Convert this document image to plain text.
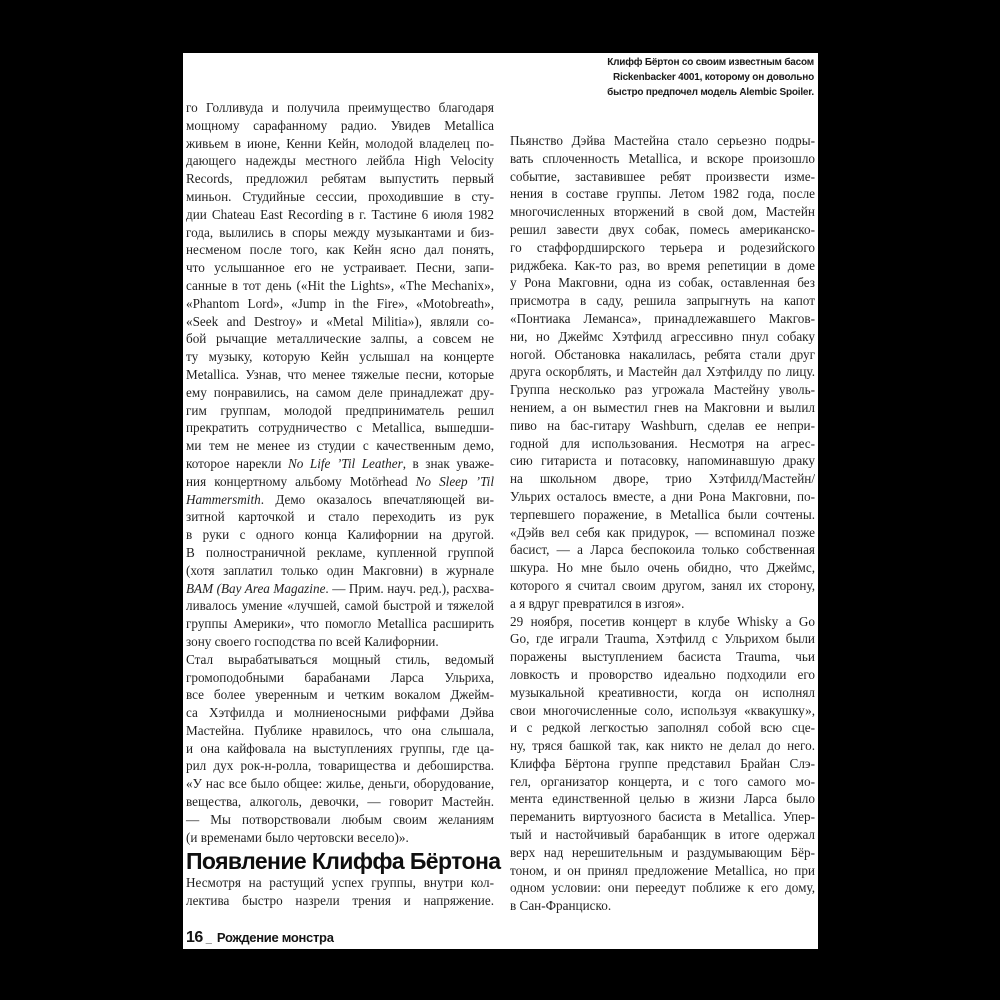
Клифф Бёртон со своим известным басом
Rickenbacker 4001, которому он довольно
быстро предпочел модель Alembic Spoiler.
го Голливуда и получила преимущество благодаря
мощному сарафанному радио. Увидев Metallica
живьем в июне, Кенни Кейн, молодой владелец по-
дающего надежды местного лейбла High Velocity
Records, предложил ребятам выпустить первый
миньон. Студийные сессии, проходившие в сту-
дии Chateau East Recording в г. Тастине 6 июля 1982
года, вылились в споры между музыкантами и биз-
несменом после того, как Кейн ясно дал понять,
что услышанное его не устраивает. Песни, запи-
санные в тот день («Hit the Lights», «The Mechanix»,
«Phantom Lord», «Jump in the Fire», «Motobreath»,
«Seek and Destroy» и «Metal Militia»), являли со-
бой рычащие металлические залпы, а совсем не
ту музыку, которую Кейн услышал на концерте
Metallica. Узнав, что менее тяжелые песни, которые
ему понравились, на самом деле принадлежат дру-
гим группам, молодой предприниматель решил
прекратить сотрудничество с Metallica, вышедши-
ми тем не менее из студии с качественным демо,
которое нарекли No Life ’Til Leather, в знак уваже-
ния концертному альбому Motörhead No Sleep ’Til
Hammersmith. Демо оказалось впечатляющей ви-
зитной карточкой и стало переходить из рук
в руки с одного конца Калифорнии на другой.
В полностраничной рекламе, купленной группой
(хотя заплатил только один Макговни) в журнале
BAM (Bay Area Magazine. — Прим. науч. ред.), расхва-
ливалось умение «лучшей, самой быстрой и тяжелой
группы Америки», что помогло Metallica расширить
зону своего господства по всей Калифорнии.
Стал вырабатываться мощный стиль, ведомый
громоподобными барабанами Ларса Ульриха,
все более уверенным и четким вокалом Джейм-
са Хэтфилда и молниеносными риффами Дэйва
Мастейна. Публике нравилось, что она слышала,
и она кайфовала на выступлениях группы, где ца-
рил дух рок-н-ролла, товарищества и дебоширства.
«У нас все было общее: жилье, деньги, оборудование,
вещества, алкоголь, девочки, — говорит Мастейн.
— Мы потворствовали любым своим желаниям
(и временами было чертовски весело)».
Появление Клиффа Бёртона
Несмотря на растущий успех группы, внутри кол-
лектива быстро назрели трения и напряжение.
Пьянство Дэйва Мастейна стало серьезно подры-
вать сплоченность Metallica, и вскоре произошло
событие, заставившее ребят произвести изме-
нения в составе группы. Летом 1982 года, после
многочисленных вторжений в свой дом, Мастейн
решил завести двух собак, помесь американско-
го стаффордширского терьера и родезийского
риджбека. Как-то раз, во время репетиции в доме
у Рона Макговни, одна из собак, оставленная без
присмотра в саду, решила запрыгнуть на капот
«Понтиака Леманса», принадлежавшего Макгов-
ни, но Джеймс Хэтфилд агрессивно пнул собаку
ногой. Обстановка накалилась, ребята стали друг
друга оскорблять, и Мастейн дал Хэтфилду по лицу.
Группа несколько раз угрожала Мастейну уволь-
нением, а он выместил гнев на Макговни и вылил
пиво на бас-гитару Washburn, сделав ее непри-
годной для использования. Несмотря на агрес-
сию гитариста и потасовку, напоминавшую драку
на школьном дворе, трио Хэтфилд/Мастейн/
Ульрих осталось вместе, а дни Рона Макговни, по-
терпевшего поражение, в Metallica были сочтены.
«Дэйв вел себя как придурок, — вспоминал позже
басист, — а Ларса беспокоила только собственная
шкура. Но мне было очень обидно, что Джеймс,
которого я считал своим другом, занял их сторону,
а я вдруг превратился в изгоя».
29 ноября, посетив концерт в клубе Whisky a Go
Go, где играли Trauma, Хэтфилд с Ульрихом были
поражены выступлением басиста Trauma, чьи
ловкость и проворство идеально подходили его
музыкальной креативности, когда он исполнял
свои многочисленные соло, используя «квакушку»,
и с редкой легкостью заполнял собой всю сце-
ну, тряся башкой так, как никто не делал до него.
Клиффа Бёртона группе представил Брайан Слэ-
гел, организатор концерта, и с того самого мо-
мента единственной целью в жизни Ларса было
переманить виртуозного басиста в Metallica. Упер-
тый и настойчивый барабанщик в итоге одержал
верх над нерешительным и раздумывающим Бёр-
тоном, и он принял предложение Metallica, но при
одном условии: они переедут поближе к его дому,
в Сан-Франциско.
16 _ Рождение монстра
